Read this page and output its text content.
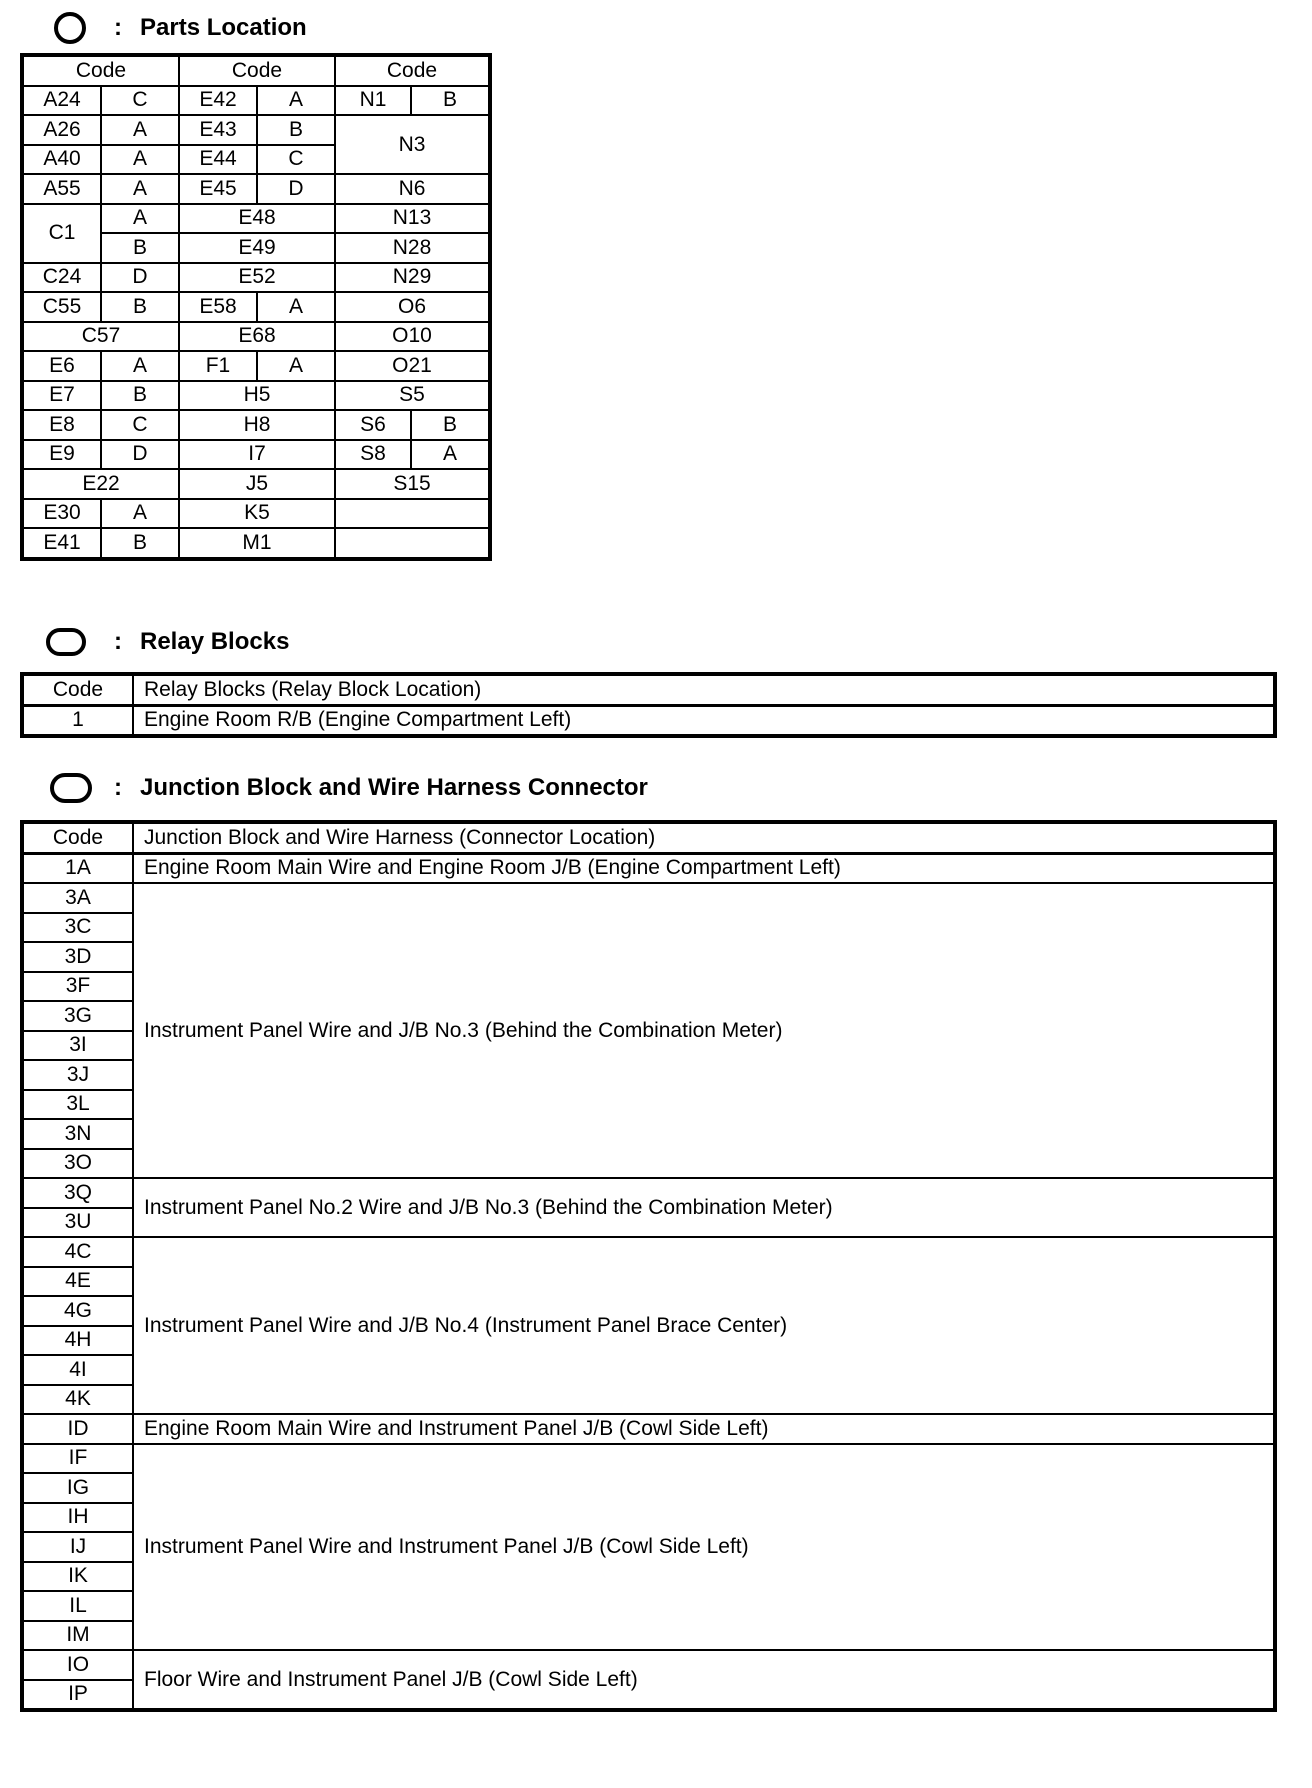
: Parts Location
Code		Code		Code	
A24	C	E42	A	N1	B
A26	A	E43	B	N3	
A40	A	E44	C		
A55	A	E45	D	N6	
C1	A	E48		N13	
	B	E49		N28	
C24	D	E52		N29	
C55	B	E58	A	O6	
C57		E68		O10	
E6	A	F1	A	O21	
E7	B	H5		S5	
E8	C	H8		S6	B
E9	D	I7		S8	A
E22		J5		S15	
E30	A	K5			
E41	B	M1			
: Relay Blocks
Code	Relay Blocks (Relay Block Location)
1	Engine Room R/B (Engine Compartment Left)
: Junction Block and Wire Harness Connector
Code	Junction Block and Wire Harness (Connector Location)
1A	Engine Room Main Wire and Engine Room J/B (Engine Compartment Left)
3A	Instrument Panel Wire and J/B No.3 (Behind the Combination Meter)
3C	
3D	
3F	
3G	
3I	
3J	
3L	
3N	
3O	
3Q	Instrument Panel No.2 Wire and J/B No.3 (Behind the Combination Meter)
3U	
4C	Instrument Panel Wire and J/B No.4 (Instrument Panel Brace Center)
4E	
4G	
4H	
4I	
4K	
ID	Engine Room Main Wire and Instrument Panel J/B (Cowl Side Left)
IF	Instrument Panel Wire and Instrument Panel J/B (Cowl Side Left)
IG	
IH	
IJ	
IK	
IL	
IM	
IO	Floor Wire and Instrument Panel J/B (Cowl Side Left)
IP	
